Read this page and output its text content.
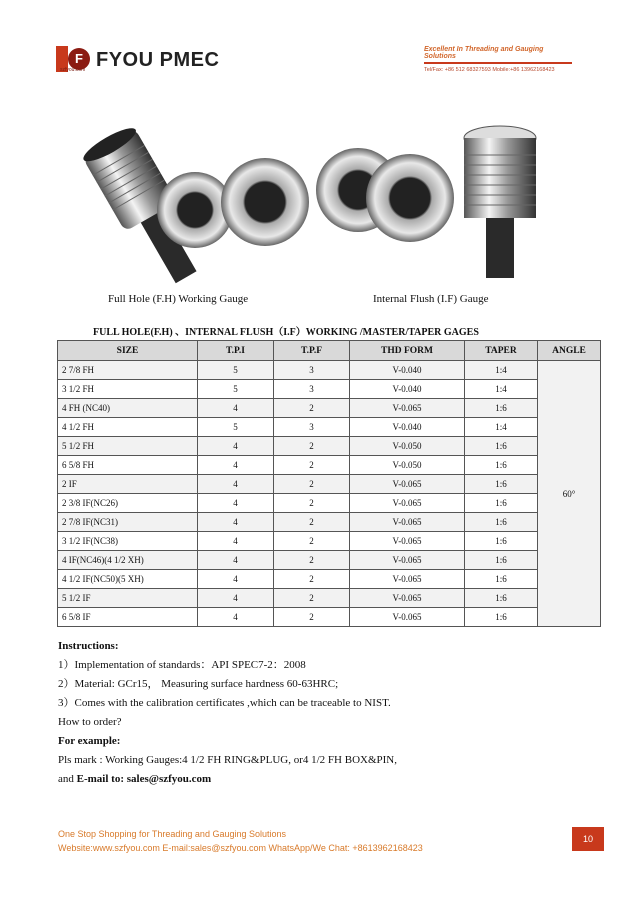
F
szfyou.com FYOU PMEC	Excellent In Threading and Gauging Solutions
Tel/Fax: +86 512 68327593 Mobile:+86 13962168423
Full Hole (F.H) Working Gauge	Internal Flush (I.F) Gauge
FULL HOLE(F.H) 、INTERNAL FLUSH（I.F）WORKING /MASTER/TAPER GAGES
SIZE	T.P.I	T.P.F	THD FORM	TAPER	ANGLE
2 7/8 FH	5	3	V-0.040	1:4	60°
3 1/2 FH	5	3	V-0.040	1:4	
4 FH (NC40)	4	2	V-0.065	1:6	
4 1/2 FH	5	3	V-0.040	1:4	
5 1/2 FH	4	2	V-0.050	1:6	
6 5/8 FH	4	2	V-0.050	1:6	
2 IF	4	2	V-0.065	1:6	
2 3/8 IF(NC26)	4	2	V-0.065	1:6	
2 7/8 IF(NC31)	4	2	V-0.065	1:6	
3 1/2 IF(NC38)	4	2	V-0.065	1:6	
4 IF(NC46)(4 1/2 XH)	4	2	V-0.065	1:6	
4 1/2 IF(NC50)(5 XH)	4	2	V-0.065	1:6	
5 1/2 IF	4	2	V-0.065	1:6	
6 5/8 IF	4	2	V-0.065	1:6	
Instructions:
1）Implementation of standards：API SPEC7-2：2008
2）Material: GCr15， Measuring surface hardness 60-63HRC;
3）Comes with the calibration certificates ,which can be traceable to NIST.
How to order?
For example:
Pls mark : Working Gauges:4 1/2 FH RING&PLUG, or4 1/2 FH BOX&PIN,
and E-mail to: sales@szfyou.com
One Stop Shopping for Threading and Gauging Solutions
Website:www.szfyou.com E-mail:sales@szfyou.com WhatsApp/We Chat: +8613962168423
10
